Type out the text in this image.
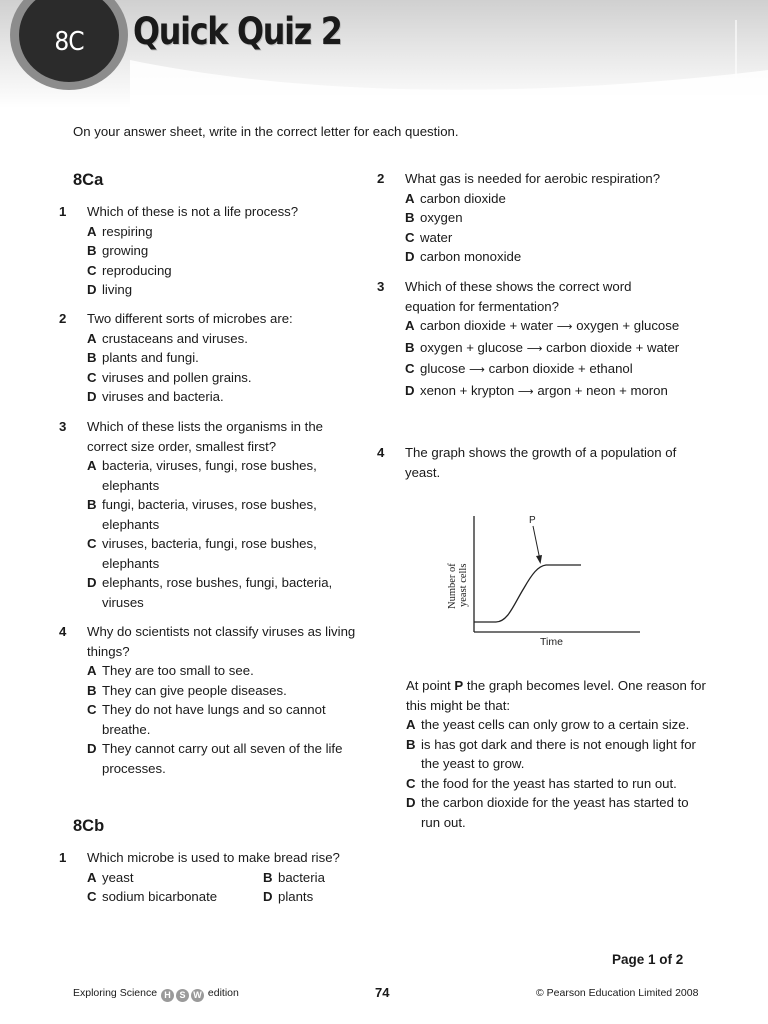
8C Quick Quiz 2
On your answer sheet, write in the correct letter for each question.
8Ca
1 Which of these is not a life process?
A respiring
B growing
C reproducing
D living
2 Two different sorts of microbes are:
A crustaceans and viruses.
B plants and fungi.
C viruses and pollen grains.
D viruses and bacteria.
3 Which of these lists the organisms in the correct size order, smallest first?
A bacteria, viruses, fungi, rose bushes, elephants
B fungi, bacteria, viruses, rose bushes, elephants
C viruses, bacteria, fungi, rose bushes, elephants
D elephants, rose bushes, fungi, bacteria, viruses
4 Why do scientists not classify viruses as living things?
A They are too small to see.
B They can give people diseases.
C They do not have lungs and so cannot breathe.
D They cannot carry out all seven of the life processes.
8Cb
1 Which microbe is used to make bread rise?
A yeast	B bacteria
C sodium bicarbonate	D plants
2 What gas is needed for aerobic respiration?
A carbon dioxide
B oxygen
C water
D carbon monoxide
3 Which of these shows the correct word equation for fermentation?
A carbon dioxide + water ⟶ oxygen + glucose
B oxygen + glucose ⟶ carbon dioxide + water
C glucose ⟶ carbon dioxide + ethanol
D xenon + krypton ⟶ argon + neon + moron
4 The graph shows the growth of a population of yeast.
P
Number of yeast cells
Time
At point P the graph becomes level. One reason for this might be that:
A the yeast cells can only grow to a certain size.
B is has got dark and there is not enough light for the yeast to grow.
C the food for the yeast has started to run out.
D the carbon dioxide for the yeast has started to run out.
Page 1 of 2
Exploring Science H S W edition	74	© Pearson Education Limited 2008
